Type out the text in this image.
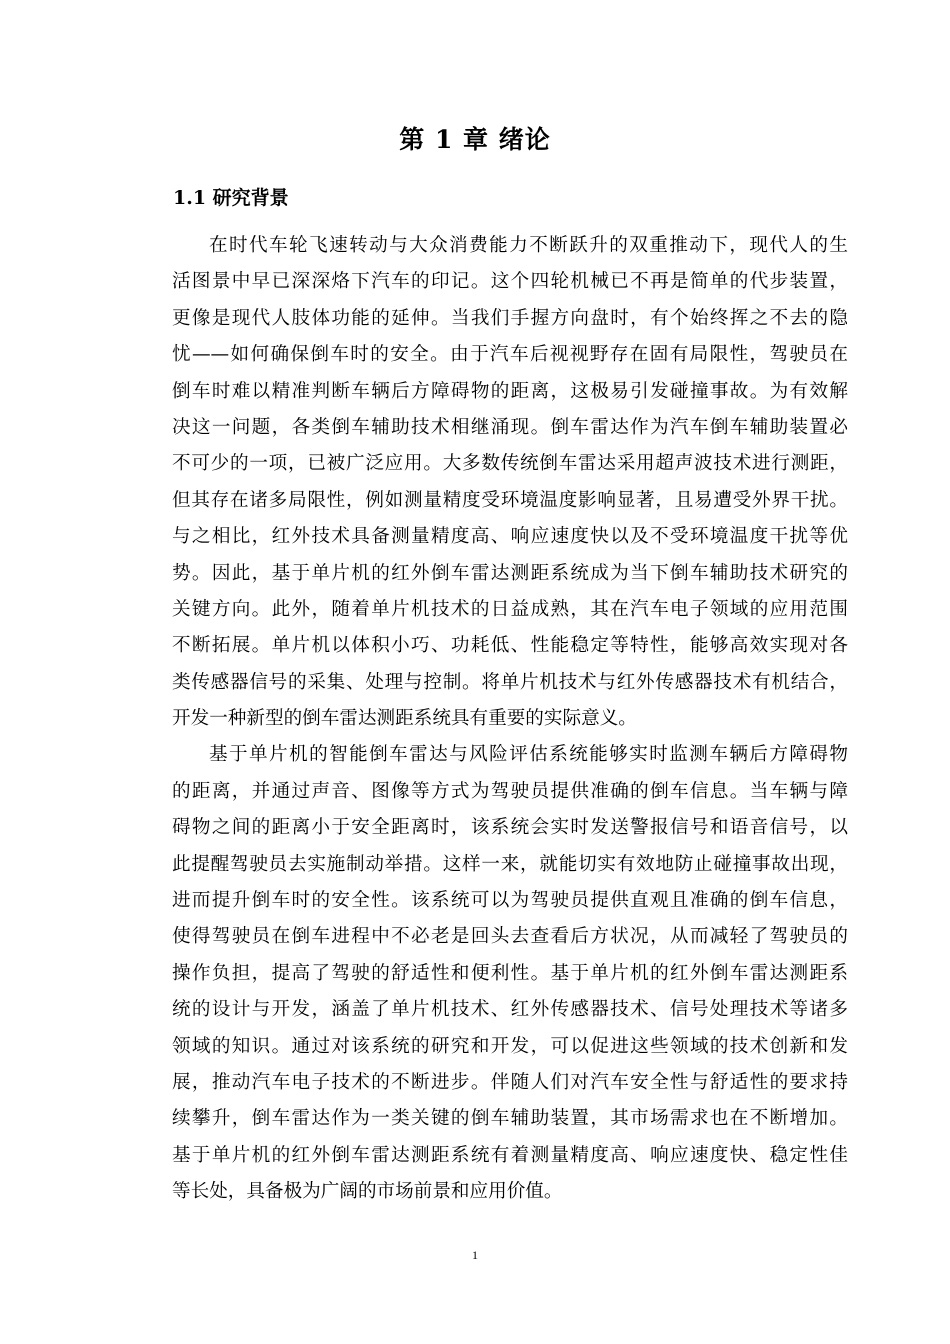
第 1 章 绪论
1.1 研究背景
在时代车轮飞速转动与大众消费能力不断跃升的双重推动下，现代人的生
活图景中早已深深烙下汽车的印记。这个四轮机械已不再是简单的代步装置，
更像是现代人肢体功能的延伸。当我们手握方向盘时，有个始终挥之不去的隐
忧——如何确保倒车时的安全。由于汽车后视视野存在固有局限性，驾驶员在
倒车时难以精准判断车辆后方障碍物的距离，这极易引发碰撞事故。为有效解
决这一问题，各类倒车辅助技术相继涌现。倒车雷达作为汽车倒车辅助装置必
不可少的一项，已被广泛应用。大多数传统倒车雷达采用超声波技术进行测距，
但其存在诸多局限性，例如测量精度受环境温度影响显著，且易遭受外界干扰。
与之相比，红外技术具备测量精度高、响应速度快以及不受环境温度干扰等优
势。因此，基于单片机的红外倒车雷达测距系统成为当下倒车辅助技术研究的
关键方向。此外，随着单片机技术的日益成熟，其在汽车电子领域的应用范围
不断拓展。单片机以体积小巧、功耗低、性能稳定等特性，能够高效实现对各
类传感器信号的采集、处理与控制。将单片机技术与红外传感器技术有机结合，
开发一种新型的倒车雷达测距系统具有重要的实际意义。
基于单片机的智能倒车雷达与风险评估系统能够实时监测车辆后方障碍物
的距离，并通过声音、图像等方式为驾驶员提供准确的倒车信息。当车辆与障
碍物之间的距离小于安全距离时，该系统会实时发送警报信号和语音信号，以
此提醒驾驶员去实施制动举措。这样一来，就能切实有效地防止碰撞事故出现，
进而提升倒车时的安全性。该系统可以为驾驶员提供直观且准确的倒车信息，
使得驾驶员在倒车进程中不必老是回头去查看后方状况，从而减轻了驾驶员的
操作负担，提高了驾驶的舒适性和便利性。基于单片机的红外倒车雷达测距系
统的设计与开发，涵盖了单片机技术、红外传感器技术、信号处理技术等诸多
领域的知识。通过对该系统的研究和开发，可以促进这些领域的技术创新和发
展，推动汽车电子技术的不断进步。伴随人们对汽车安全性与舒适性的要求持
续攀升，倒车雷达作为一类关键的倒车辅助装置，其市场需求也在不断增加。
基于单片机的红外倒车雷达测距系统有着测量精度高、响应速度快、稳定性佳
等长处，具备极为广阔的市场前景和应用价值。
1
